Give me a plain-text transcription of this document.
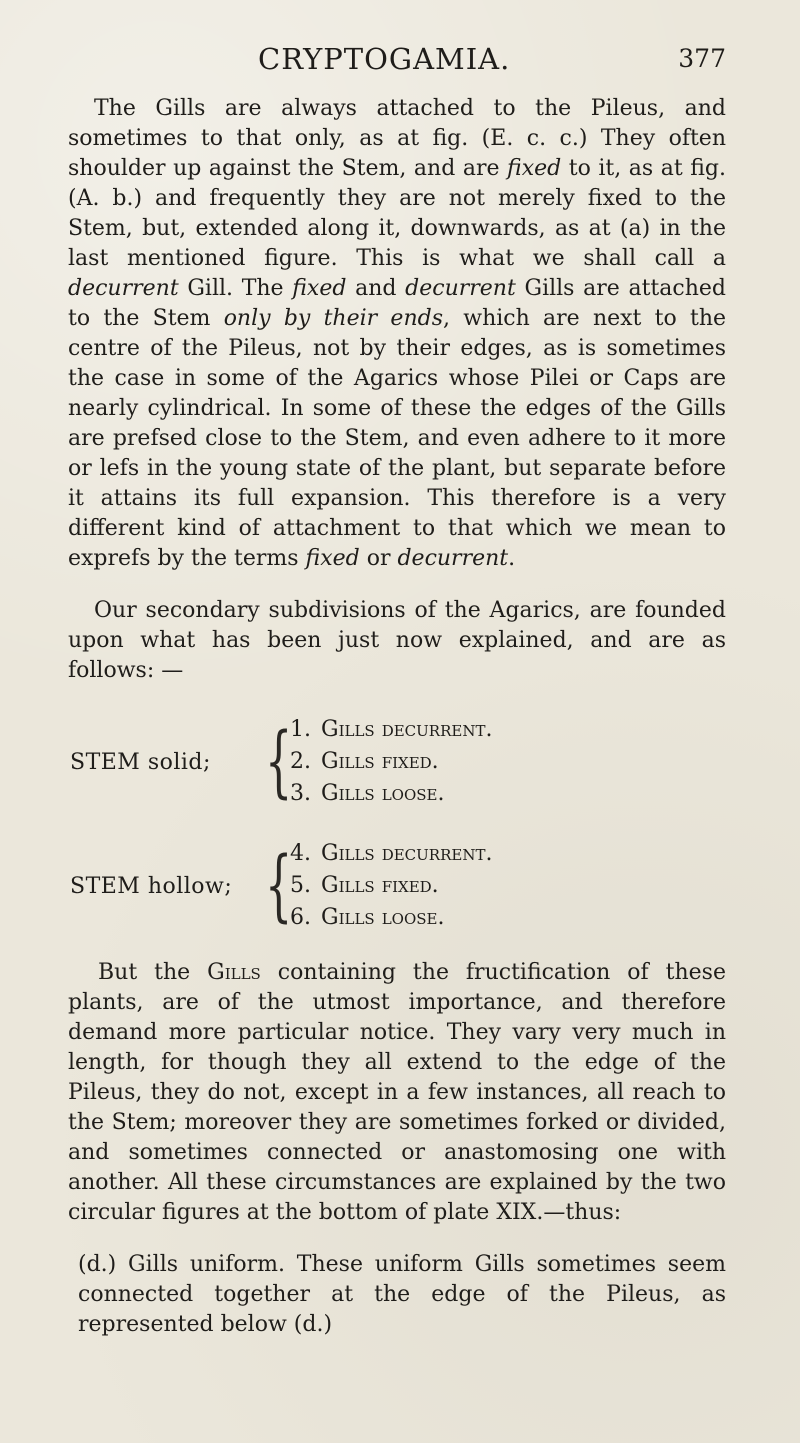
CRYPTOGAMIA.	377

The Gills are always attached to the Pileus, and sometimes to that only, as at fig. (E. c. c.) They often shoulder up against the Stem, and are fixed to it, as at fig. (A. b.) and frequently they are not merely fixed to the Stem, but, extended along it, downwards, as at (a) in the last mentioned figure. This is what we shall call a decurrent Gill. The fixed and decurrent Gills are attached to the Stem only by their ends, which are next to the centre of the Pileus, not by their edges, as is sometimes the case in some of the Agarics whose Pilei or Caps are nearly cylindrical. In some of these the edges of the Gills are prefsed close to the Stem, and even adhere to it more or lefs in the young state of the plant, but separate before it attains its full expansion. This therefore is a very different kind of attachment to that which we mean to exprefs by the terms fixed or decurrent.

Our secondary subdivisions of the Agarics, are founded upon what has been just now explained, and are as follows: —

STEM solid; {
1. Gills decurrent.
2. Gills fixed.
3. Gills loose.
STEM hollow; {
4. Gills decurrent.
5. Gills fixed.
6. Gills loose.

But the Gills containing the fructification of these plants, are of the utmost importance, and therefore demand more particular notice. They vary very much in length, for though they all extend to the edge of the Pileus, they do not, except in a few instances, all reach to the Stem; moreover they are sometimes forked or divided, and sometimes connected or anastomosing one with another. All these circumstances are explained by the two circular figures at the bottom of plate XIX.—thus:

(d.) Gills uniform. These uniform Gills sometimes seem connected together at the edge of the Pileus, as represented below (d.)
